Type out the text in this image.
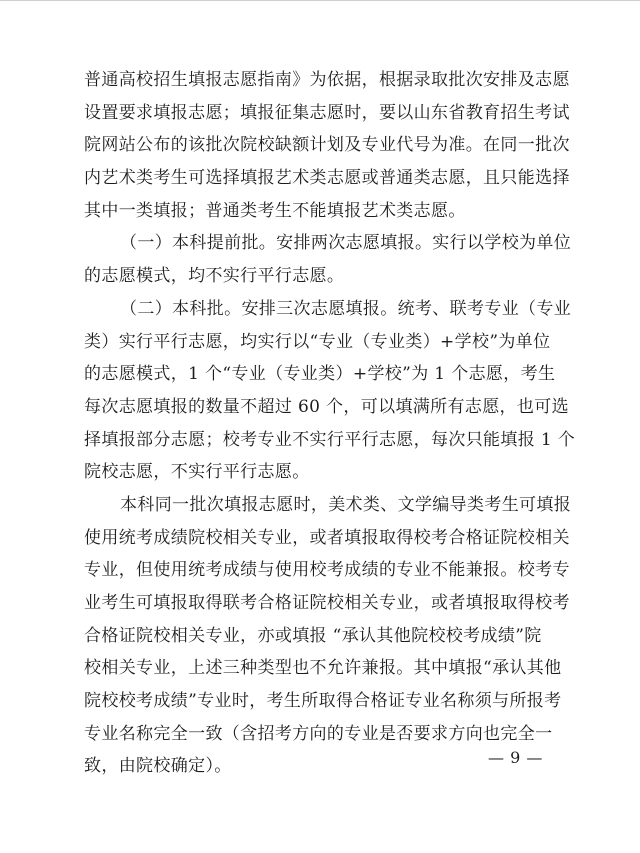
普通高校招生填报志愿指南》为依据，根据录取批次安排及志愿
设置要求填报志愿；填报征集志愿时，要以山东省教育招生考试
院网站公布的该批次院校缺额计划及专业代号为准。在同一批次
内艺术类考生可选择填报艺术类志愿或普通类志愿，且只能选择
其中一类填报；普通类考生不能填报艺术类志愿。
（一）本科提前批。安排两次志愿填报。实行以学校为单位
的志愿模式，均不实行平行志愿。
（二）本科批。安排三次志愿填报。统考、联考专业（专业
类）实行平行志愿，均实行以“专业（专业类）+学校”为单位
的志愿模式，1 个“专业（专业类）+学校”为 1 个志愿，考生
每次志愿填报的数量不超过 60 个，可以填满所有志愿，也可选
择填报部分志愿；校考专业不实行平行志愿，每次只能填报 1 个
院校志愿，不实行平行志愿。
本科同一批次填报志愿时，美术类、文学编导类考生可填报
使用统考成绩院校相关专业，或者填报取得校考合格证院校相关
专业，但使用统考成绩与使用校考成绩的专业不能兼报。校考专
业考生可填报取得联考合格证院校相关专业，或者填报取得校考
合格证院校相关专业，亦或填报 “承认其他院校校考成绩”院
校相关专业，上述三种类型也不允许兼报。其中填报“承认其他
院校校考成绩”专业时，考生所取得合格证专业名称须与所报考
专业名称完全一致（含招考方向的专业是否要求方向也完全一
致，由院校确定）。	— 9 —
